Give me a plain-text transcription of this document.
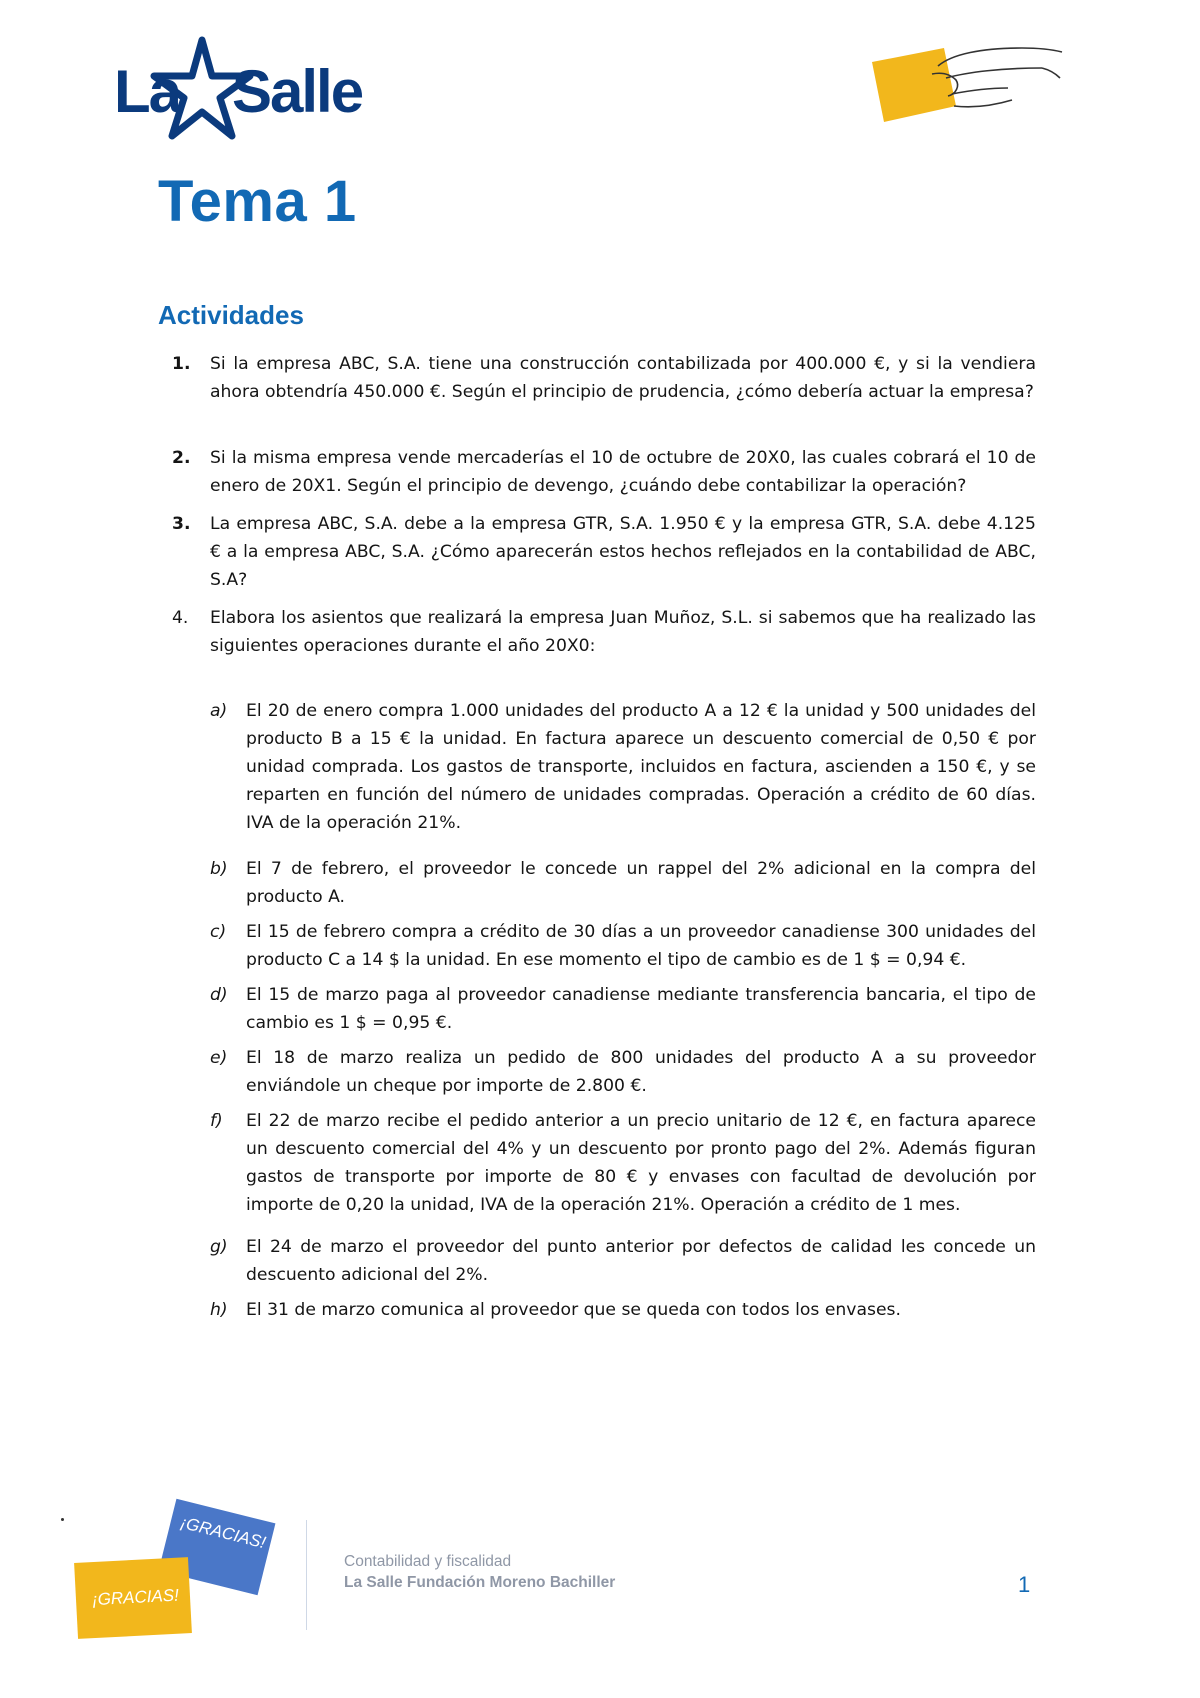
La Salle
Tema 1
Actividades
1. Si la empresa ABC, S.A. tiene una construcción contabilizada por 400.000 €, y si la vendiera ahora obtendría 450.000 €. Según el principio de prudencia, ¿cómo debería actuar la empresa?
2. Si la misma empresa vende mercaderías el 10 de octubre de 20X0, las cuales cobrará el 10 de enero de 20X1. Según el principio de devengo, ¿cuándo debe contabilizar la operación?
3. La empresa ABC, S.A. debe a la empresa GTR, S.A. 1.950 € y la empresa GTR, S.A. debe 4.125 € a la empresa ABC, S.A. ¿Cómo aparecerán estos hechos reflejados en la contabilidad de ABC, S.A?
4. Elabora los asientos que realizará la empresa Juan Muñoz, S.L. si sabemos que ha realizado las siguientes operaciones durante el año 20X0:
a) El 20 de enero compra 1.000 unidades del producto A a 12 € la unidad y 500 unidades del producto B a 15 € la unidad. En factura aparece un descuento comercial de 0,50 € por unidad comprada. Los gastos de transporte, incluidos en factura, ascienden a 150 €, y se reparten en función del número de unidades compradas. Operación a crédito de 60 días. IVA de la operación 21%.
b) El 7 de febrero, el proveedor le concede un rappel del 2% adicional en la compra del producto A.
c) El 15 de febrero compra a crédito de 30 días a un proveedor canadiense 300 unidades del producto C a 14 $ la unidad. En ese momento el tipo de cambio es de 1 $ = 0,94 €.
d) El 15 de marzo paga al proveedor canadiense mediante transferencia bancaria, el tipo de cambio es 1 $ = 0,95 €.
e) El 18 de marzo realiza un pedido de 800 unidades del producto A a su proveedor enviándole un cheque por importe de 2.800 €.
f) El 22 de marzo recibe el pedido anterior a un precio unitario de 12 €, en factura aparece un descuento comercial del 4% y un descuento por pronto pago del 2%. Además figuran gastos de transporte por importe de 80 € y envases con facultad de devolución por importe de 0,20 la unidad, IVA de la operación 21%. Operación a crédito de 1 mes.
g) El 24 de marzo el proveedor del punto anterior por defectos de calidad les concede un descuento adicional del 2%.
h) El 31 de marzo comunica al proveedor que se queda con todos los envases.
¡GRACIAS!
¡GRACIAS!
Contabilidad y fiscalidad
La Salle Fundación Moreno Bachiller	1
